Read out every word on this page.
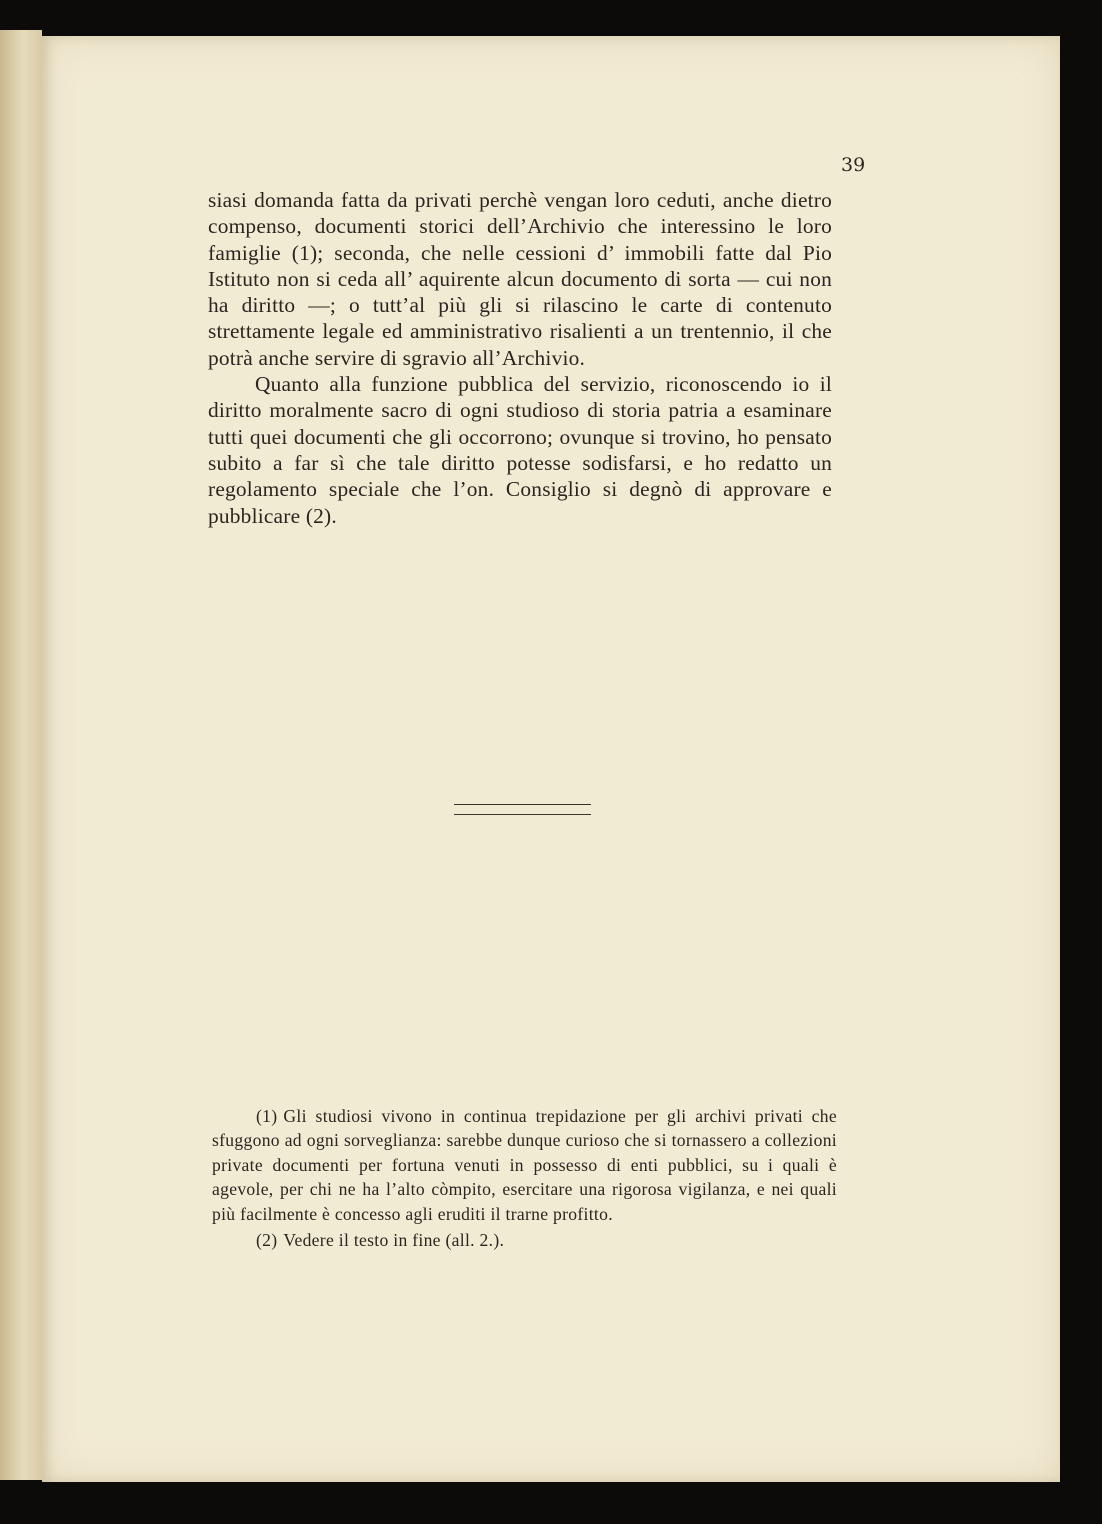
39

siasi domanda fatta da privati perchè vengan loro ceduti, anche dietro compenso, documenti storici dell’Archivio che interessino le loro famiglie (1); seconda, che nelle cessioni d’ immobili fatte dal Pio Istituto non si ceda all’ aquirente alcun documento di sorta — cui non ha diritto —; o tutt’al più gli si rilascino le carte di contenuto strettamente legale ed amministrativo risalienti a un trentennio, il che potrà anche servire di sgravio all’Archivio.

Quanto alla funzione pubblica del servizio, riconoscendo io il diritto moralmente sacro di ogni studioso di storia patria a esaminare tutti quei documenti che gli occorrono; ovunque si trovino, ho pensato subito a far sì che tale diritto potesse sodisfarsi, e ho redatto un regolamento speciale che l’on. Consiglio si degnò di approvare e pubblicare (2).

(1) Gli studiosi vivono in continua trepidazione per gli archivi privati che sfuggono ad ogni sorveglianza: sarebbe dunque curioso che si tornassero a collezioni private documenti per fortuna venuti in possesso di enti pubblici, su i quali è agevole, per chi ne ha l’alto còmpito, esercitare una rigorosa vigilanza, e nei quali più facilmente è concesso agli eruditi il trarne profitto.

(2) Vedere il testo in fine (all. 2.).
